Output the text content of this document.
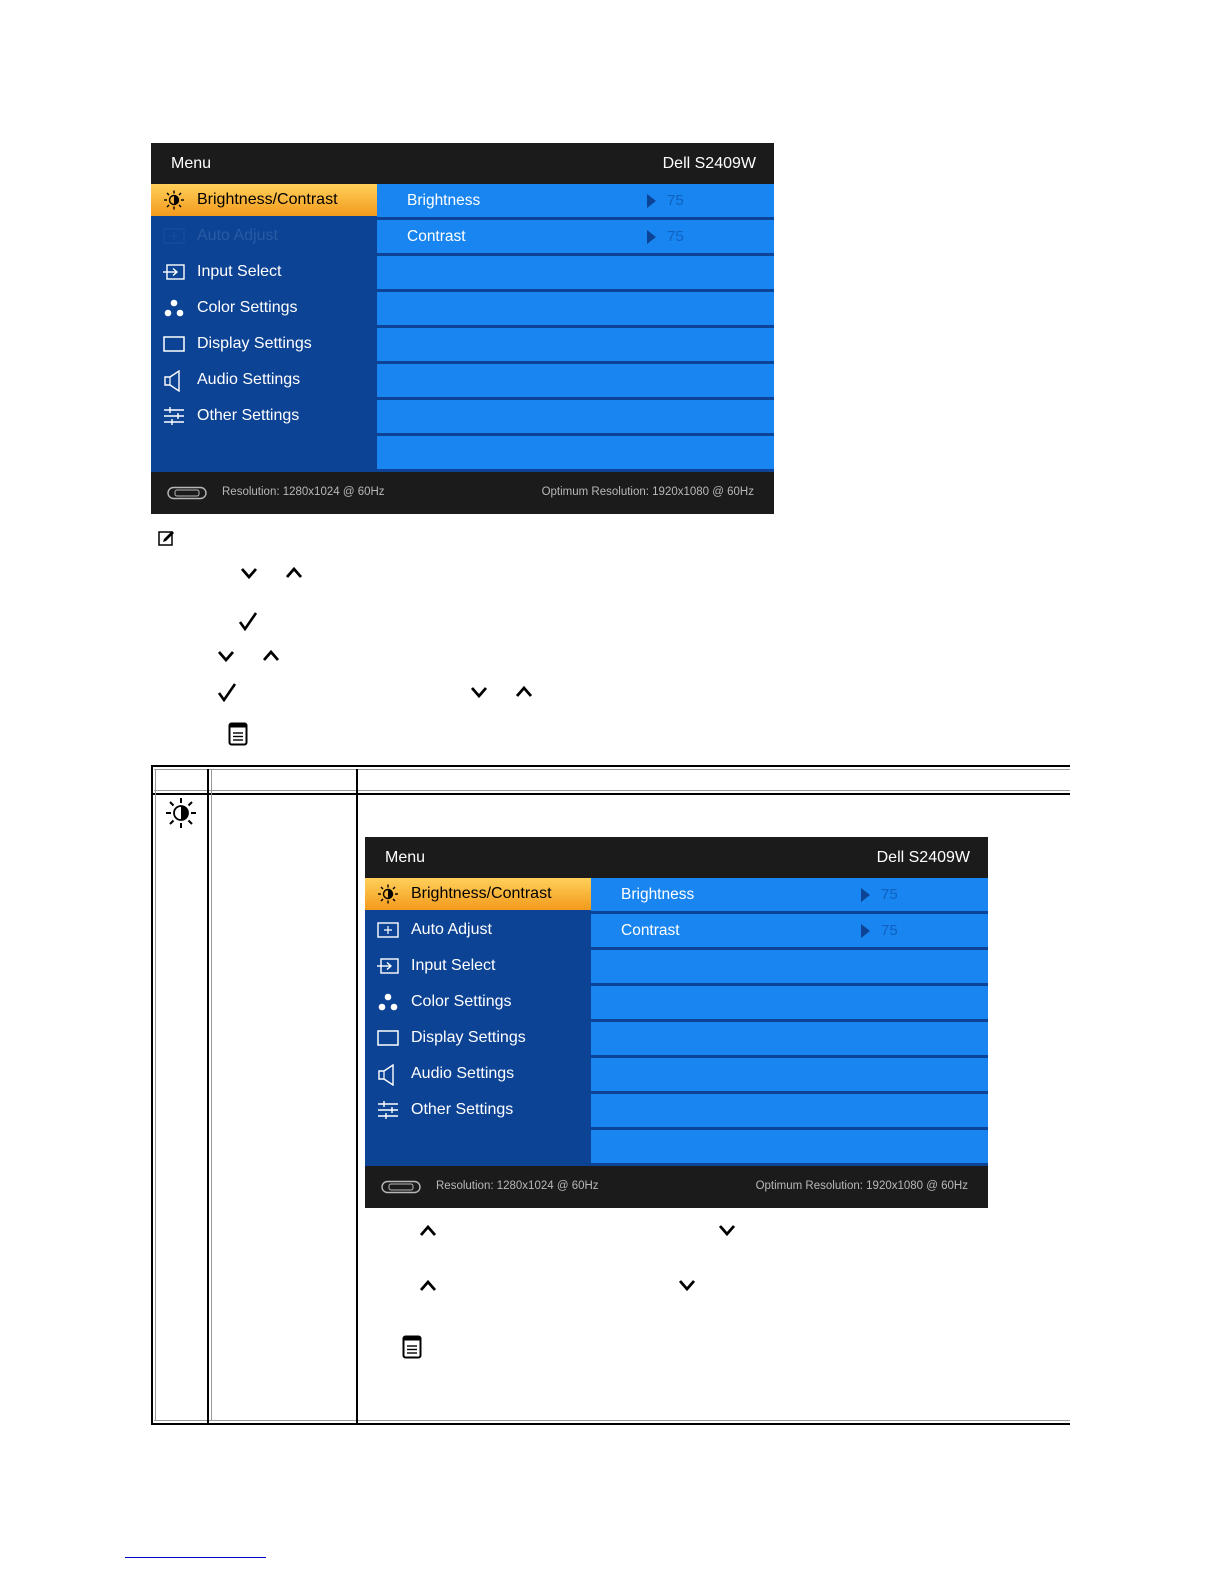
Menu	Dell S2409W
Brightness/Contrast
Auto Adjust
Input Select
Color Settings
Display Settings
Audio Settings
Other Settings
Brightness	75
Contrast	75
Resolution: 1280x1024 @ 60Hz	Optimum Resolution: 1920x1080 @ 60Hz
Menu	Dell S2409W
Brightness/Contrast
Auto Adjust
Input Select
Color Settings
Display Settings
Audio Settings
Other Settings
Brightness	75
Contrast	75
Resolution: 1280x1024 @ 60Hz	Optimum Resolution: 1920x1080 @ 60Hz
